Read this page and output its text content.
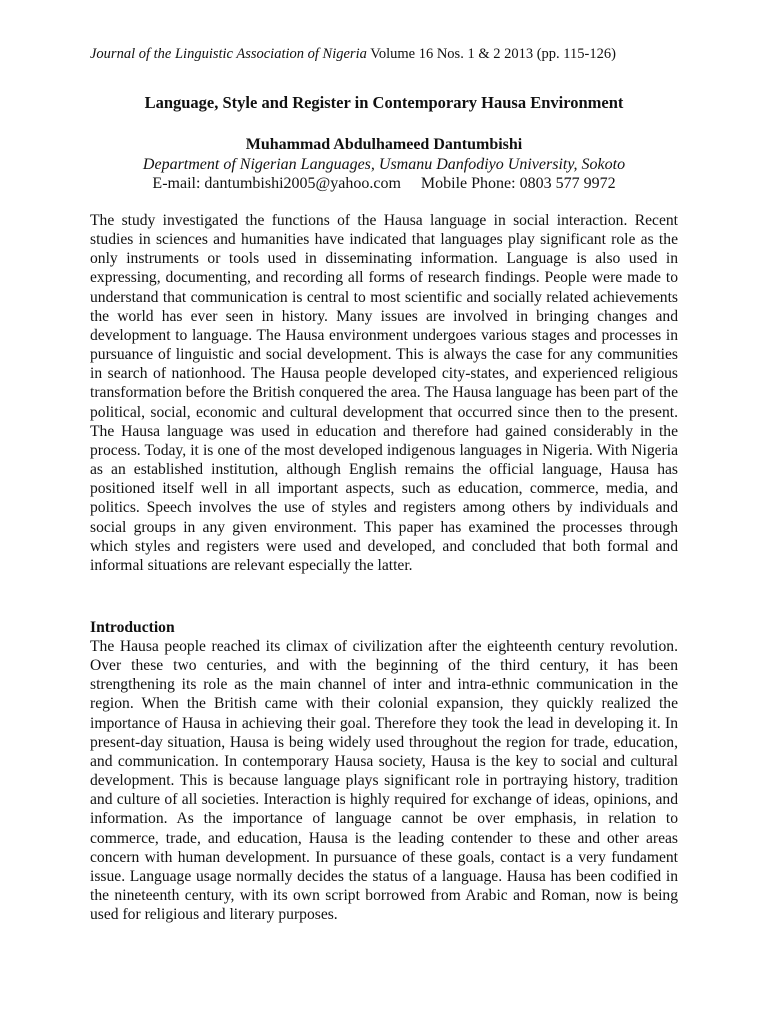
Journal of the Linguistic Association of Nigeria Volume 16 Nos. 1 & 2 2013 (pp. 115-126)
Language, Style and Register in Contemporary Hausa Environment
Muhammad Abdulhameed Dantumbishi
Department of Nigerian Languages, Usmanu Danfodiyo University, Sokoto
E-mail: dantumbishi2005@yahoo.com Mobile Phone: 0803 577 9972

The study investigated the functions of the Hausa language in social interaction. Recent studies in sciences and humanities have indicated that languages play significant role as the only instruments or tools used in disseminating information. Language is also used in expressing, documenting, and recording all forms of research findings. People were made to understand that communication is central to most scientific and socially related achievements the world has ever seen in history. Many issues are involved in bringing changes and development to language. The Hausa environment undergoes various stages and processes in pursuance of linguistic and social development. This is always the case for any communities in search of nationhood. The Hausa people developed city-states, and experienced religious transformation before the British conquered the area. The Hausa language has been part of the political, social, economic and cultural development that occurred since then to the present. The Hausa language was used in education and therefore had gained considerably in the process. Today, it is one of the most developed indigenous languages in Nigeria. With Nigeria as an established institution, although English remains the official language, Hausa has positioned itself well in all important aspects, such as education, commerce, media, and politics. Speech involves the use of styles and registers among others by individuals and social groups in any given environment. This paper has examined the processes through which styles and registers were used and developed, and concluded that both formal and informal situations are relevant especially the latter.

Introduction

The Hausa people reached its climax of civilization after the eighteenth century revolution. Over these two centuries, and with the beginning of the third century, it has been strengthening its role as the main channel of inter and intra-ethnic communication in the region. When the British came with their colonial expansion, they quickly realized the importance of Hausa in achieving their goal. Therefore they took the lead in developing it. In present-day situation, Hausa is being widely used throughout the region for trade, education, and communication. In contemporary Hausa society, Hausa is the key to social and cultural development. This is because language plays significant role in portraying history, tradition and culture of all societies. Interaction is highly required for exchange of ideas, opinions, and information. As the importance of language cannot be over emphasis, in relation to commerce, trade, and education, Hausa is the leading contender to these and other areas concern with human development. In pursuance of these goals, contact is a very fundament issue. Language usage normally decides the status of a language. Hausa has been codified in the nineteenth century, with its own script borrowed from Arabic and Roman, now is being used for religious and literary purposes.
